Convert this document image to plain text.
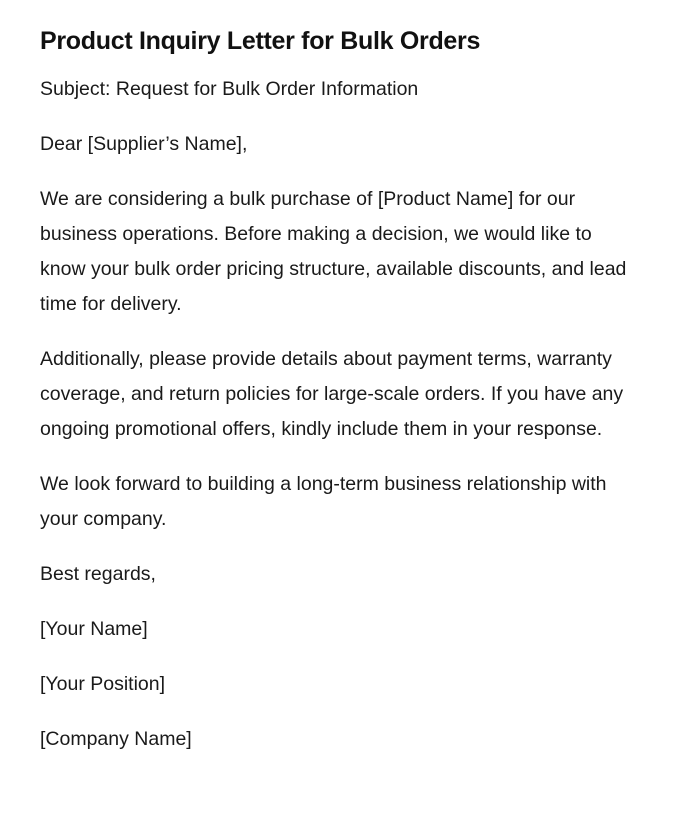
Product Inquiry Letter for Bulk Orders

Subject: Request for Bulk Order Information

Dear [Supplier’s Name],

We are considering a bulk purchase of [Product Name] for our business operations. Before making a decision, we would like to know your bulk order pricing structure, available discounts, and lead time for delivery.

Additionally, please provide details about payment terms, warranty coverage, and return policies for large-scale orders. If you have any ongoing promotional offers, kindly include them in your response.

We look forward to building a long-term business relationship with your company.

Best regards,

[Your Name]

[Your Position]

[Company Name]
